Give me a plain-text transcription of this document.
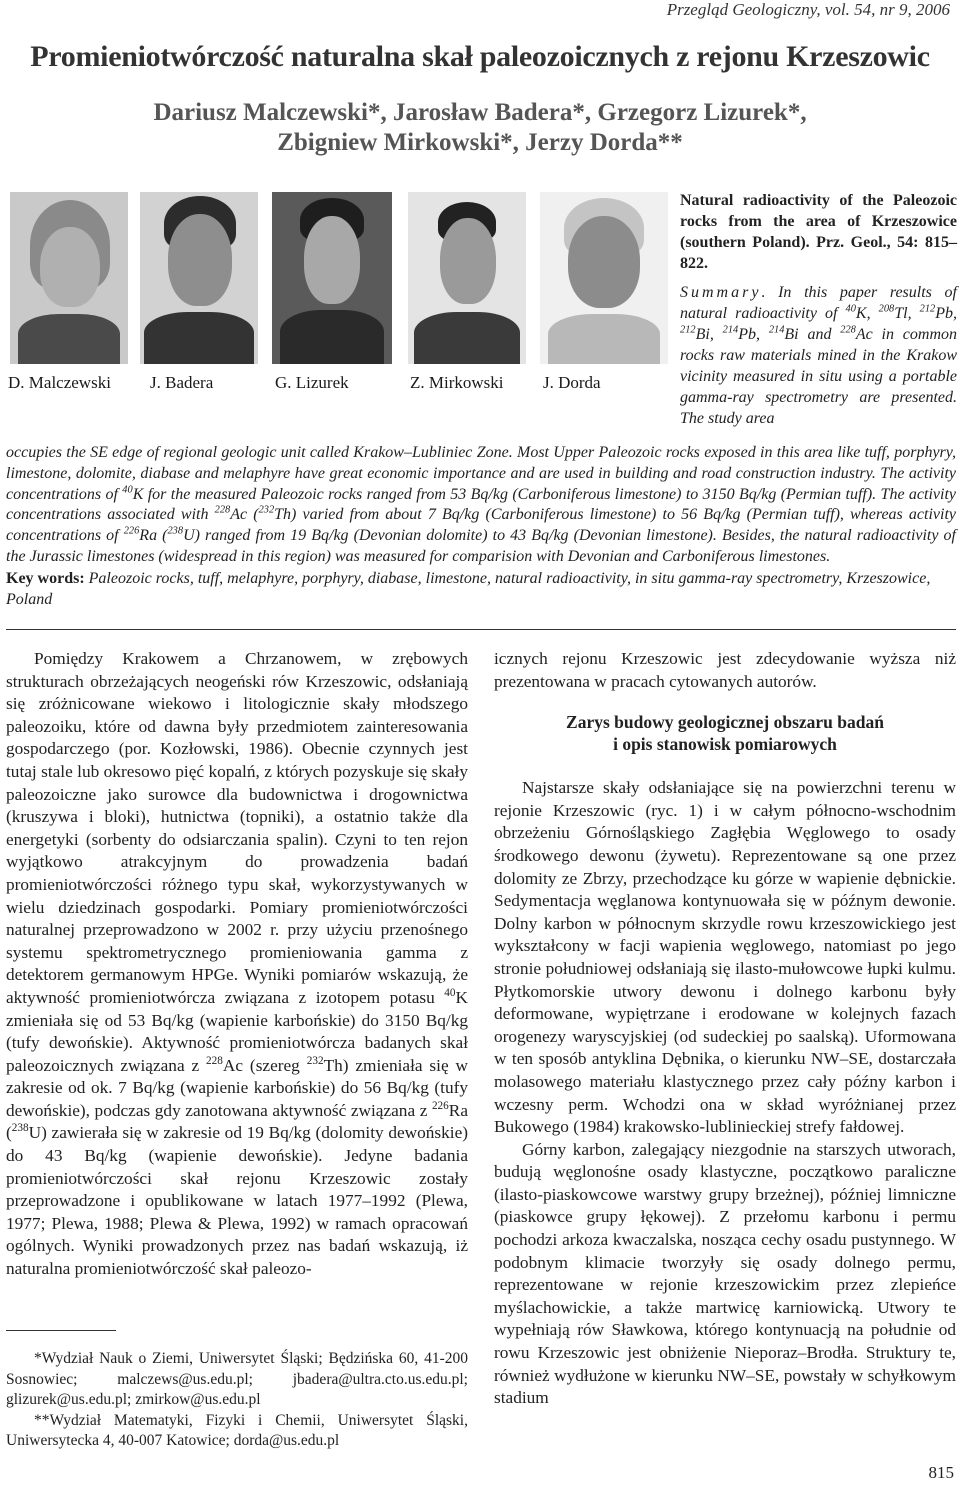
Przegląd Geologiczny, vol. 54, nr 9, 2006
Promieniotwórczość naturalna skał paleozoicznych z rejonu Krzeszowic
Dariusz Malczewski*, Jarosław Badera*, Grzegorz Lizurek*,
Zbigniew Mirkowski*, Jerzy Dorda**
D. Malczewski J. Badera	G. Lizurek	Z. Mirkowski J. Dorda
Natural radioactivity of the Paleozoic rocks from the area of Krzeszowice (southern Poland). Prz. Geol., 54: 815–822.
Summary. In this paper results of natural radioactivity of $^{40}$K, $^{208}$Tl, $^{212}$Pb, $^{212}$Bi, $^{214}$Pb, $^{214}$Bi and $^{228}$Ac in common rocks raw materials mined in the Krakow vicinity measured in situ using a portable gamma-ray spectrometry are presented. The study area
occupies the SE edge of regional geologic unit called Krakow–Lubliniec Zone. Most Upper Paleozoic rocks exposed in this area like tuff, porphyry, limestone, dolomite, diabase and melaphyre have great economic importance and are used in building and road construction industry. The activity concentrations of $^{40}$K for the measured Paleozoic rocks ranged from 53 Bq/kg (Carboniferous limestone) to 3150 Bq/kg (Permian tuff). The activity concentrations associated with $^{228}$Ac ($^{232}$Th) varied from about 7 Bq/kg (Carboniferous limestone) to 56 Bq/kg (Permian tuff), whereas activity concentrations of $^{226}$Ra ($^{238}$U) ranged from 19 Bq/kg (Devonian dolomite) to 43 Bq/kg (Devonian limestone). Besides, the natural radioactivity of the Jurassic limestones (widespread in this region) was measured for comparision with Devonian and Carboniferous limestones.
Key words: Paleozoic rocks, tuff, melaphyre, porphyry, diabase, limestone, natural radioactivity, in situ gamma-ray spectrometry, Krzeszowice, Poland

Pomiędzy Krakowem a Chrzanowem, w zrębowych strukturach obrzeżających neogeński rów Krzeszowic, odsłaniają się zróżnicowane wiekowo i litologicznie skały młodszego paleozoiku, które od dawna były przedmiotem zainteresowania gospodarczego (por. Kozłowski, 1986). Obecnie czynnych jest tutaj stale lub okresowo pięć kopalń, z których pozyskuje się skały paleozoiczne jako surowce dla budownictwa i drogownictwa (kruszywa i bloki), hutnictwa (topniki), a ostatnio także dla energetyki (sorbenty do odsiarczania spalin). Czyni to ten rejon wyjątkowo atrakcyjnym do prowadzenia badań promieniotwórczości różnego typu skał, wykorzystywanych w wielu dziedzinach gospodarki. Pomiary promieniotwórczości naturalnej przeprowadzono w 2002 r. przy użyciu przenośnego systemu spektrometrycznego promieniowania gamma z detektorem germanowym HPGe. Wyniki pomiarów wskazują, że aktywność promieniotwórcza związana z izotopem potasu $^{40}$K zmieniała się od 53 Bq/kg (wapienie karbońskie) do 3150 Bq/kg (tufy dewońskie). Aktywność promieniotwórcza badanych skał paleozoicznych związana z $^{228}$Ac (szereg $^{232}$Th) zmieniała się w zakresie od ok. 7 Bq/kg (wapienie karbońskie) do 56 Bq/kg (tufy dewońskie), podczas gdy zanotowana aktywność związana z $^{226}$Ra ($^{238}$U) zawierała się w zakresie od 19 Bq/kg (dolomity dewońskie) do 43 Bq/kg (wapienie dewońskie). Jedyne badania promieniotwórczości skał rejonu Krzeszowic zostały przeprowadzone i opublikowane w latach 1977–1992 (Plewa, 1977; Plewa, 1988; Plewa & Plewa, 1992) w ramach opracowań ogólnych. Wyniki prowadzonych przez nas badań wskazują, iż naturalna promieniotwórczość skał paleozo-

icznych rejonu Krzeszowic jest zdecydowanie wyższa niż prezentowana w pracach cytowanych autorów.

Zarys budowy geologicznej obszaru badań
i opis stanowisk pomiarowych

Najstarsze skały odsłaniające się na powierzchni terenu w rejonie Krzeszowic (ryc. 1) i w całym północno-wschodnim obrzeżeniu Górnośląskiego Zagłębia Węglowego to osady środkowego dewonu (żywetu). Reprezentowane są one przez dolomity ze Zbrzy, przechodzące ku górze w wapienie dębnickie. Sedymentacja węglanowa kontynuowała się w późnym dewonie. Dolny karbon w północnym skrzydle rowu krzeszowickiego jest wykształcony w facji wapienia węglowego, natomiast po jego stronie południowej odsłaniają się ilasto-mułowcowe łupki kulmu. Płytkomorskie utwory dewonu i dolnego karbonu były deformowane, wypiętrzane i erodowane w kolejnych fazach orogenezy waryscyjskiej (od sudeckiej po saalską). Uformowana w ten sposób antyklina Dębnika, o kierunku NW–SE, dostarczała molasowego materiału klastycznego przez cały późny karbon i wczesny perm. Wchodzi ona w skład wyróżnianej przez Bukowego (1984) krakowsko-lublinieckiej strefy fałdowej.

Górny karbon, zalegający niezgodnie na starszych utworach, budują węglonośne osady klastyczne, początkowo paraliczne (ilasto-piaskowcowe warstwy grupy brzeżnej), później limniczne (piaskowce grupy łękowej). Z przełomu karbonu i permu pochodzi arkoza kwaczalska, nosząca cechy osadu pustynnego. W podobnym klimacie tworzyły się osady dolnego permu, reprezentowane w rejonie krzeszowickim przez zlepieńce myślachowickie, a także martwicę karniowicką. Utwory te wypełniają rów Sławkowa, którego kontynuacją na południe od rowu Krzeszowic jest obniżenie Nieporaz–Brodła. Struktury te, również wydłużone w kierunku NW–SE, powstały w schyłkowym stadium

*Wydział Nauk o Ziemi, Uniwersytet Śląski; Będzińska 60, 41-200 Sosnowiec; malczews@us.edu.pl; jbadera@ultra.cto.us.edu.pl; glizurek@us.edu.pl; zmirkow@us.edu.pl

**Wydział Matematyki, Fizyki i Chemii, Uniwersytet Śląski, Uniwersytecka 4, 40-007 Katowice; dorda@us.edu.pl

815
